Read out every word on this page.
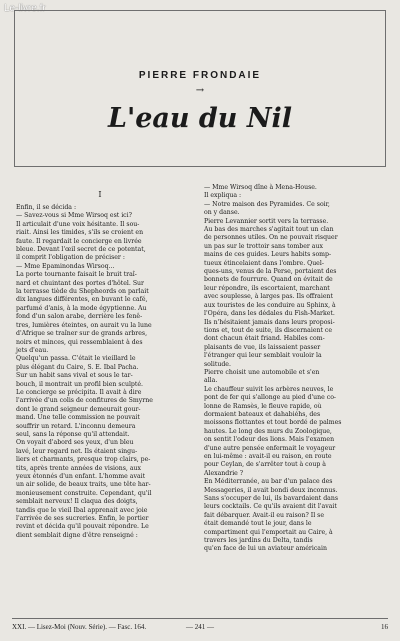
Le-livre.fr
PIERRE FRONDAIE
→
L'eau du Nil
I
Enfin, il se décida :
— Savez-vous si Mme Wirsoq est ici?
Il articulait d'une voix hésitante. Il sou-
riait. Ainsi les timides, s'ils se croient en
faute. Il regardait le concierge en livrée
bleue. Devant l'œil secret de ce potentat,
il comprit l'obligation de préciser :
— Mme Epaminondas Wirsoq...
La porte tournante faisait le bruit traî-
nard et chuintant des portes d'hôtel. Sur
la terrasse tiède du Shepheords on parlait
dix langues différentes, en buvant le café,
parfumé d'anis, à la mode égyptienne. Au
fond d'un salon arabe, derrière les fenê-
tres, lumières éteintes, on aurait vu la lune
d'Afrique se traîner sur de grands arbres,
noirs et minces, qui ressemblaient à des
jets d'eau.
Quelqu'un passa. C'était le vieillard le
plus élégant du Caire, S. E. Ibal Pacha.
Sur un habit sans vival et sous le tar-
bouch, il montrait un profil bien sculpté.
Le concierge se précipita. Il avait à dire
l'arrivée d'un colis de confitures de Smyrne
dont le grand seigneur demeurait gour-
mand. Une telle commission ne pouvait
souffrir un retard. L'inconnu demeura
seul, sans la réponse qu'il attendait.
On voyait d'abord ses yeux, d'un bleu
lavé, leur regard net. Ils étaient singu-
liers et charmants, presque trop clairs, pe-
tits, après trente années de visions, aux
yeux étonnés d'un enfant. L'homme avait
un air solide, de beaux traits, une tête har-
monieusement construite. Cependant, qu'il
semblait nerveux! Il claqua des doigts,
tandis que le vieil Ibal apprenait avec joie
l'arrivée de ses sucreries. Enfin, le portier
revint et décida qu'il pouvait répondre. Le
dient semblait digne d'être renseigné :
— Mme Wirsoq dîne à Mena-House.
Il expliqua :
— Notre maison des Pyramides. Ce soir,
on y danse.
Pierre Levannier sortit vers la terrasse.
Au bas des marches s'agitait tout un clan
de personnes utiles. On ne pouvait risquer
un pas sur le trottoir sans tomber aux
mains de ces guides. Leurs habits somp-
tueux étincelaient dans l'ombre. Quel-
ques-uns, venus de la Perse, portaient des
bonnets de fourrure. Quand on évitait de
leur répondre, ils escortaient, marchant
avec souplesse, à larges pas. Ils offraient
aux touristes de les conduire au Sphinx, à
l'Opéra, dans les dédales du Fish-Market.
Ils n'hésitaient jamais dans leurs proposi-
tions et, tout de suite, ils discernaient ce
dont chacun était friand. Habiles com-
plaisants de vue, ils laissaient passer
l'étranger qui leur semblait vouloir la
solitude.
Pierre choisit une automobile et s'en
alla.
Le chauffeur suivit les arbères neuves, le
pont de fer qui s'allonge au pied d'une co-
lonne de Ramsès, le fleuve rapide, où
dormaient bateaux et dahabiéhs, des
moissons flottantes et tout bordé de palmes
hautes. Le long des murs du Zoologique,
on sentit l'odeur des lions. Mais l'examen
d'une autre pensée enfermait le voyageur
en lui-même : avait-il eu raison, en route
pour Ceylan, de s'arrêter tout à coup à
Alexandrie ?
En Méditerranée, au bar d'un palace des
Messageries, il avait bondi deux inconnus.
Sans s'occuper de lui, ils bavardaient dans
leurs cocktails. Ce qu'ils avaient dit l'avait
fait débarquer. Avait-il eu raison? Il se
était demandé tout le jour, dans le
compartiment qui l'emportait au Caire, à
travers les jardins du Delta, tandis
qu'en face de lui un aviateur américain
XXI. — Lisez-Moi (Nouv. Série). — Fasc. 164.	— 241 —	16
